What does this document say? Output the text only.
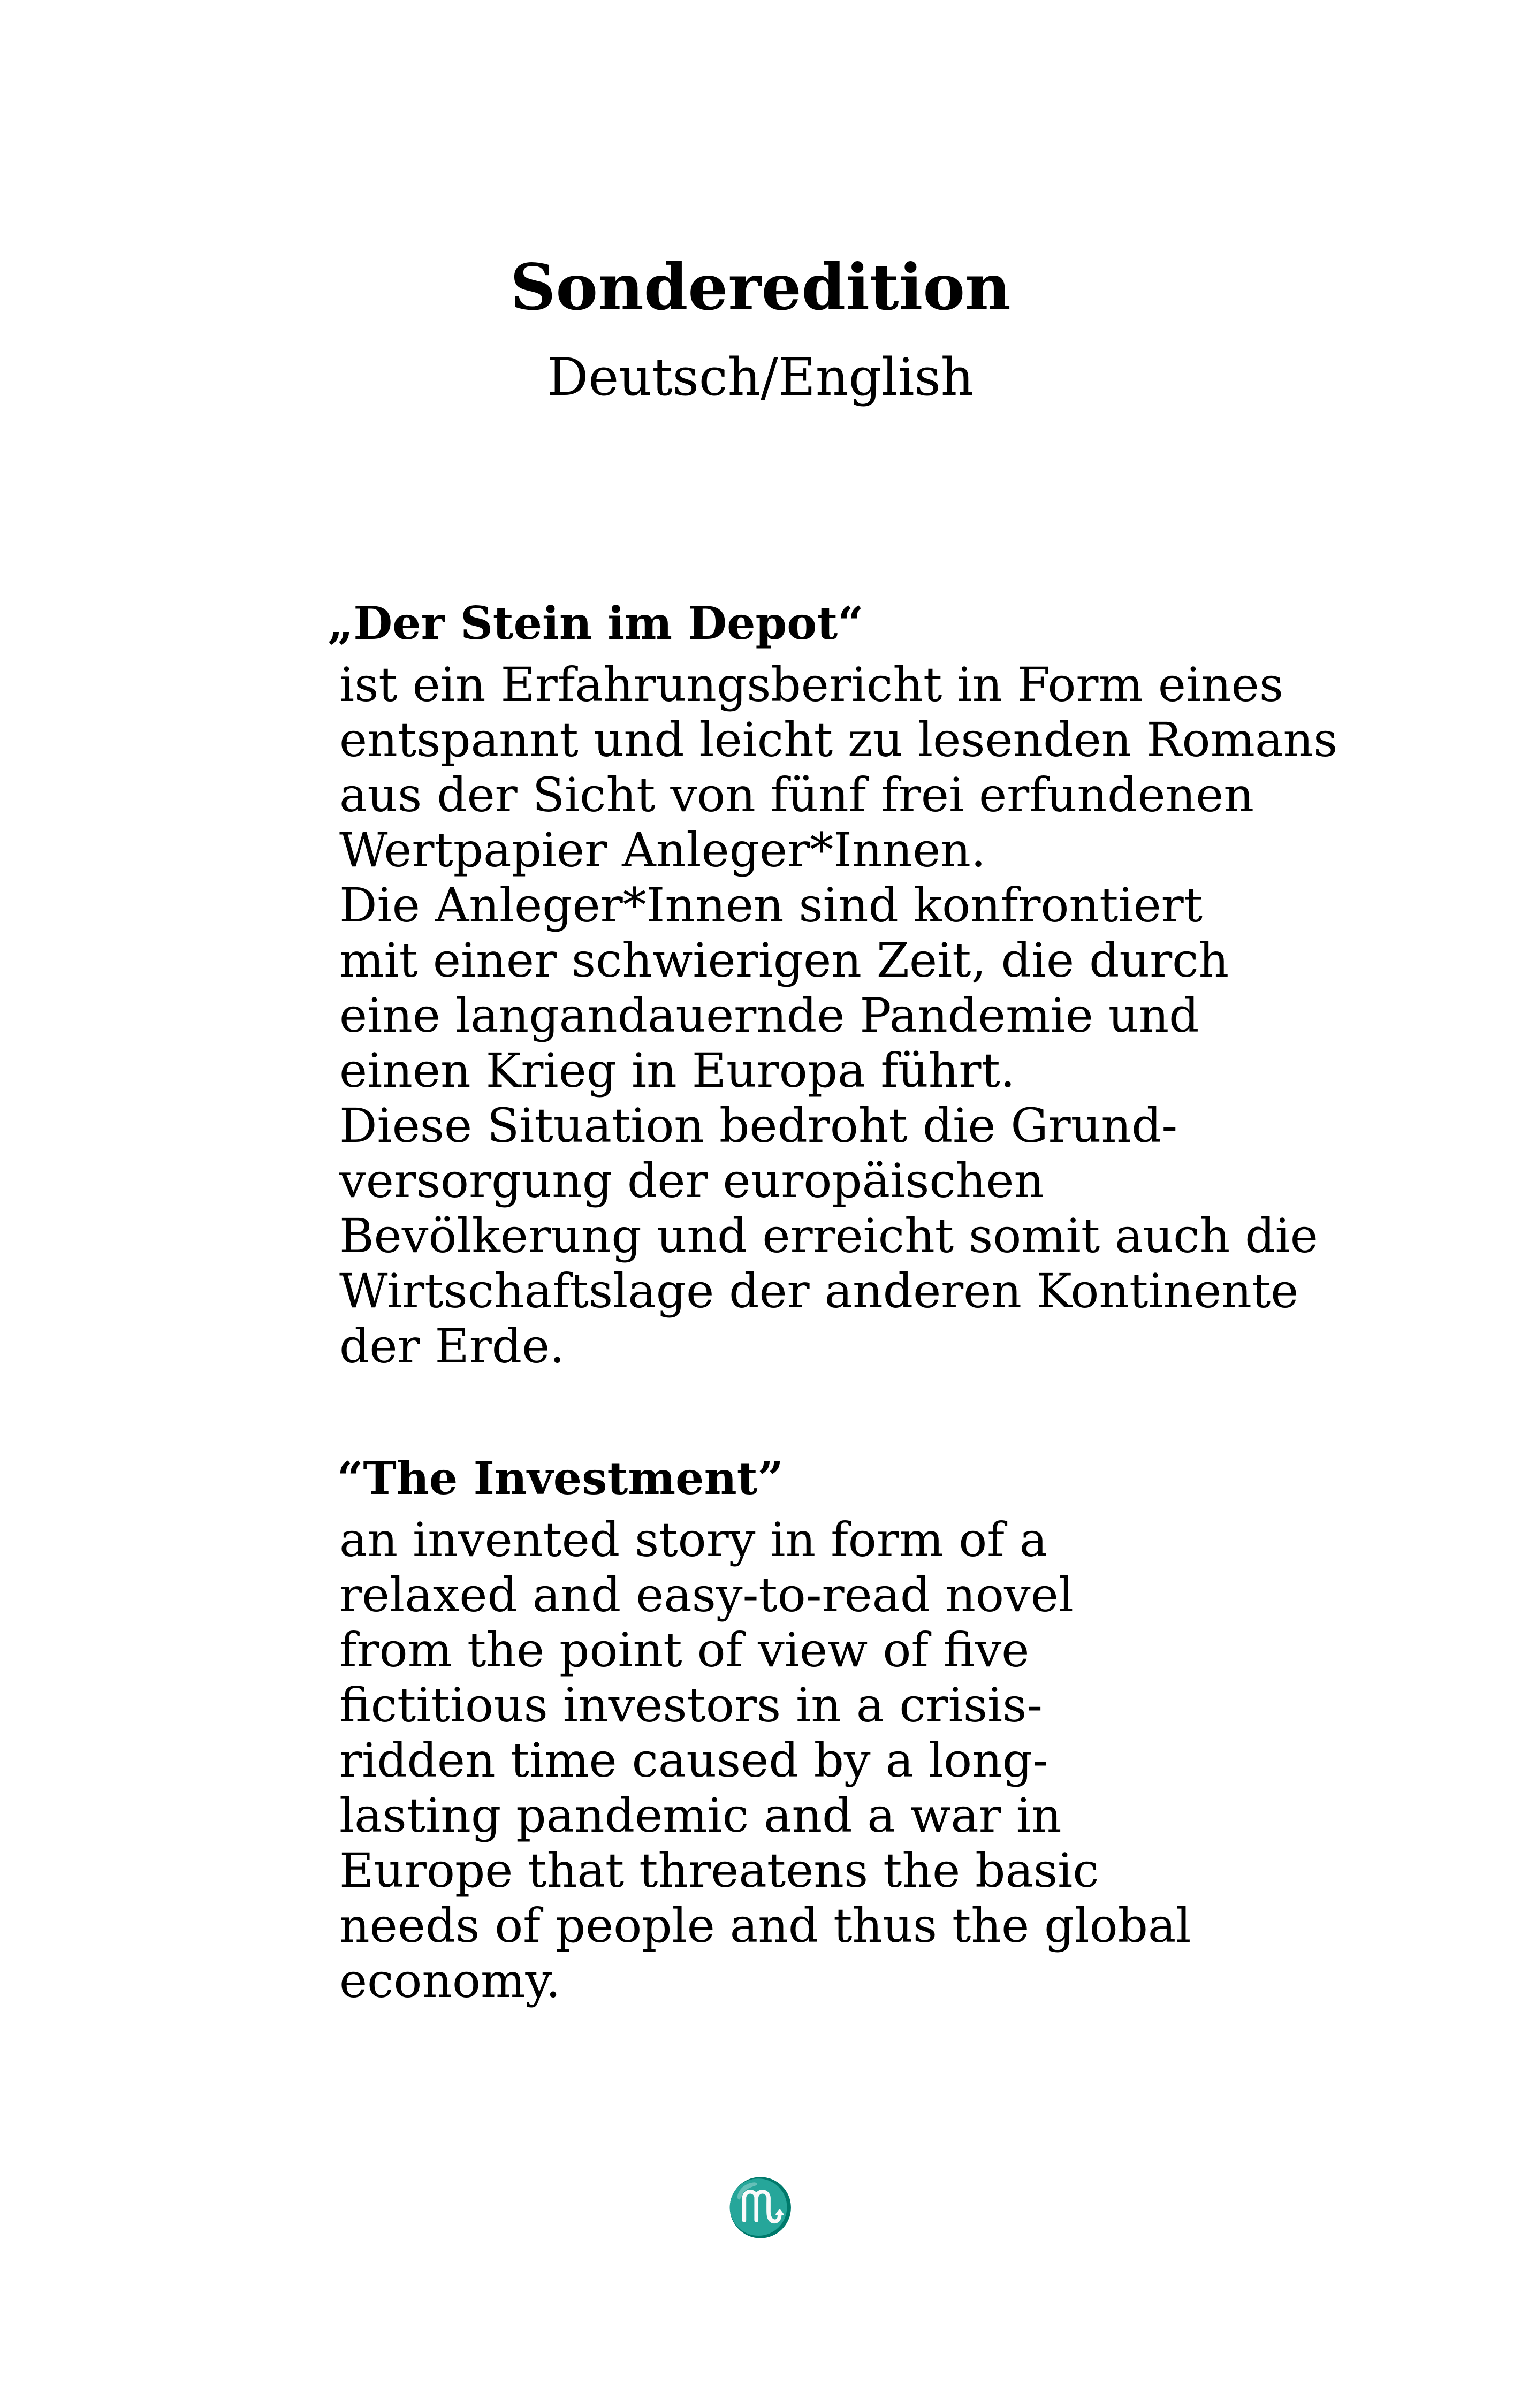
Sonderedition
Deutsch/English
„Der Stein im Depot“
ist ein Erfahrungsbericht in Form eines
entspannt und leicht zu lesenden Romans
aus der Sicht von fünf frei erfundenen
Wertpapier Anleger*Innen.
Die Anleger*Innen sind konfrontiert
mit einer schwierigen Zeit, die durch
eine langandauernde Pandemie und
einen Krieg in Europa führt.
Diese Situation bedroht die Grund-
versorgung der europäischen
Bevölkerung und erreicht somit auch die
Wirtschaftslage der anderen Kontinente
der Erde.
“The Investment”
an invented story in form of a
relaxed and easy-to-read novel
from the point of view of five
fictitious investors in a crisis-
ridden time caused by a long-
lasting pandemic and a war in
Europe that threatens the basic
needs of people and thus the global
economy.
♏
